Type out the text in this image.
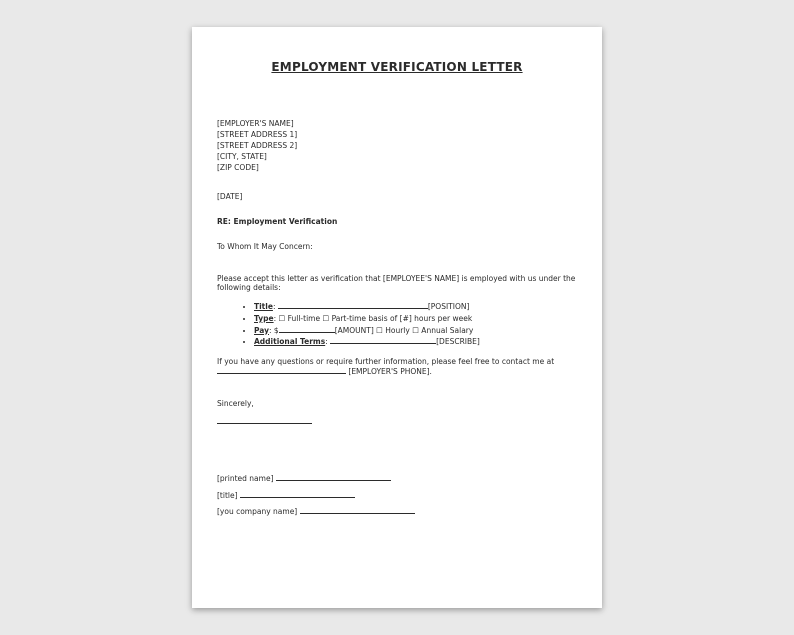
EMPLOYMENT VERIFICATION LETTER
[EMPLOYER'S NAME]
[STREET ADDRESS 1]
[STREET ADDRESS 2]
[CITY, STATE]
[ZIP CODE]
[DATE]
RE: Employment Verification
To Whom It May Concern:
Please accept this letter as verification that [EMPLOYEE'S NAME] is employed with us under the
following details:
• Title:	[POSITION]
• Type: ☐ Full-time ☐ Part-time basis of [#] hours per week
• Pay: $	[AMOUNT] ☐ Hourly ☐ Annual Salary
• Additional Terms:	[DESCRIBE]
If you have any questions or require further information, please feel free to contact me at
[EMPLOYER'S PHONE].
Sincerely,
[printed name]
[title]
[you company name]
